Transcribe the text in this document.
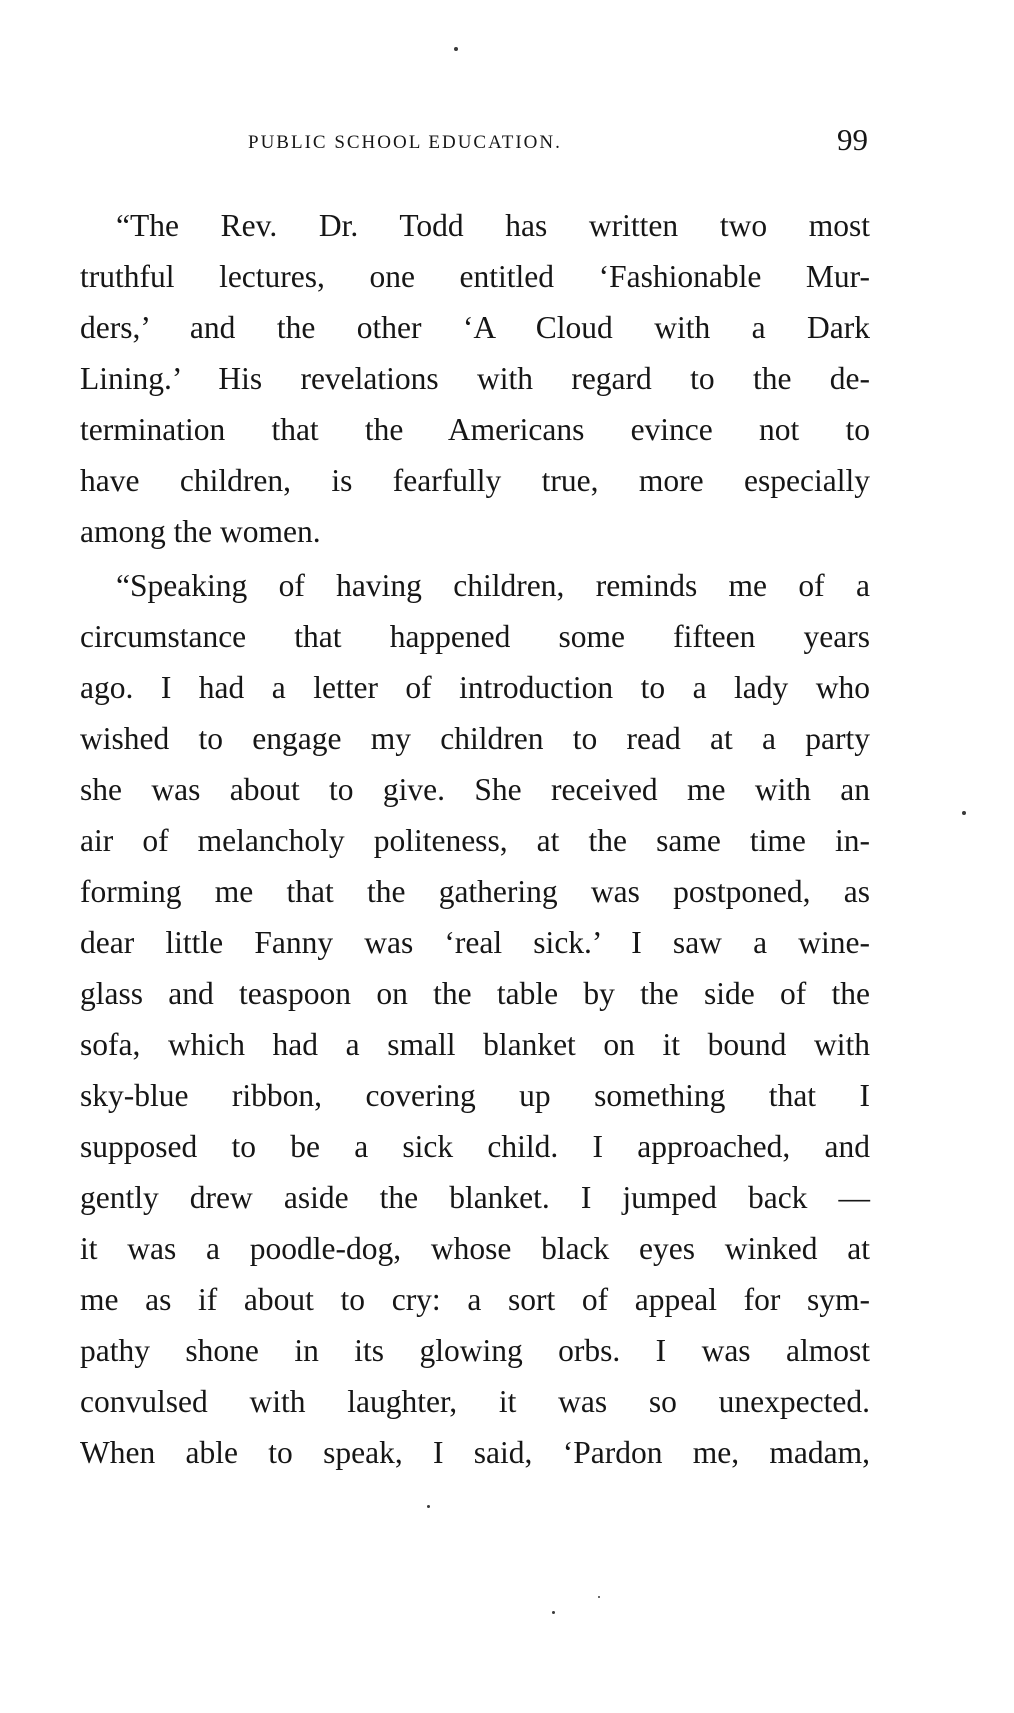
PUBLIC SCHOOL EDUCATION.	99
“The Rev. Dr. Todd has written two most
truthful lectures, one entitled ‘Fashionable Mur-
ders,’ and the other ‘A Cloud with a Dark
Lining.’ His revelations with regard to the de-
termination that the Americans evince not to
have children, is fearfully true, more especially
among the women.
“Speaking of having children, reminds me of a
circumstance that happened some fifteen years
ago. I had a letter of introduction to a lady who
wished to engage my children to read at a party
she was about to give. She received me with an
air of melancholy politeness, at the same time in-
forming me that the gathering was postponed, as
dear little Fanny was ‘real sick.’ I saw a wine-
glass and teaspoon on the table by the side of the
sofa, which had a small blanket on it bound with
sky-blue ribbon, covering up something that I
supposed to be a sick child. I approached, and
gently drew aside the blanket. I jumped back —
it was a poodle-dog, whose black eyes winked at
me as if about to cry: a sort of appeal for sym-
pathy shone in its glowing orbs. I was almost
convulsed with laughter, it was so unexpected.
When able to speak, I said, ‘Pardon me, madam,
